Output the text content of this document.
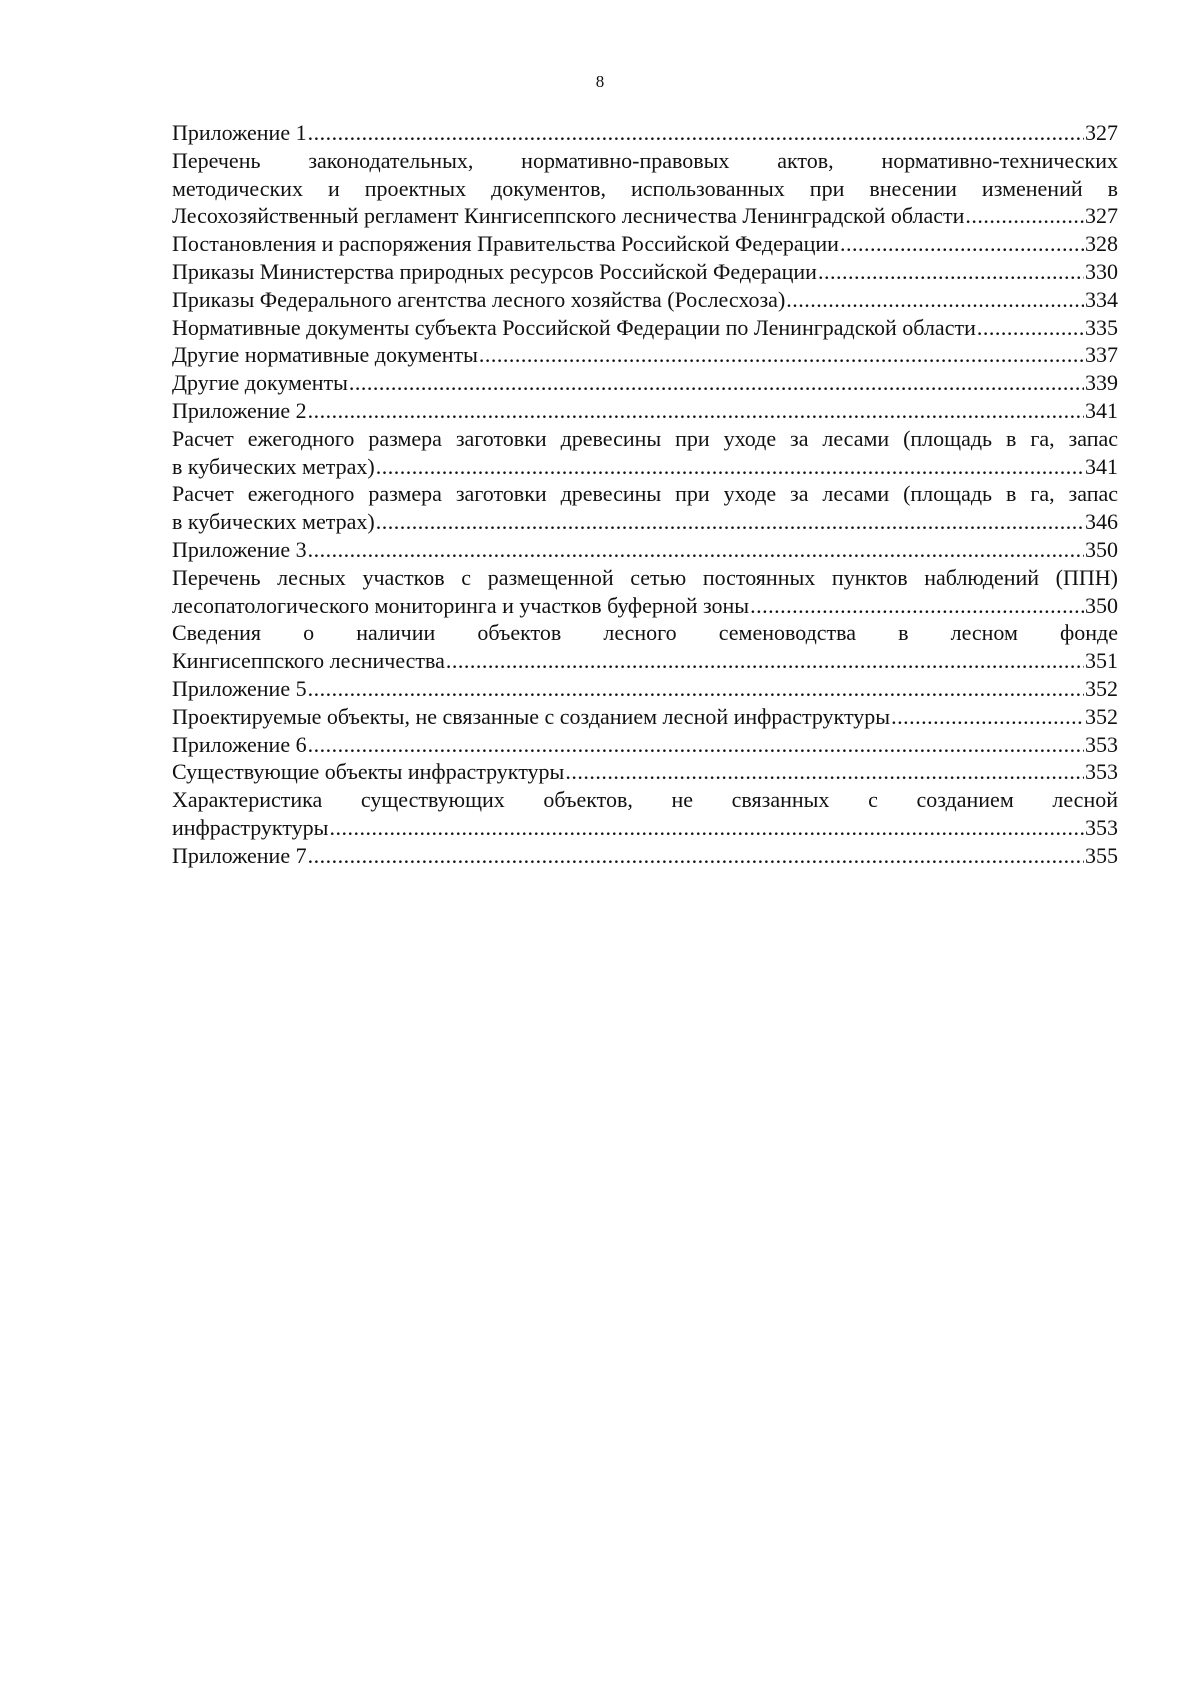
8
Приложение 1 .....	327
Перечень законодательных, нормативно-правовых актов, нормативно-технических
методических и проектных документов, использованных при внесении изменений в
Лесохозяйственный регламент Кингисеппского лесничества Ленинградской области .....	327
Постановления и распоряжения Правительства Российской Федерации .....	328
Приказы Министерства природных ресурсов Российской Федерации .....	330
Приказы Федерального агентства лесного хозяйства (Рослесхоза) .....	334
Нормативные документы субъекта Российской Федерации по Ленинградской области .....	335
Другие нормативные документы .....	337
Другие документы .....	339
Приложение 2 .....	341
Расчет ежегодного размера заготовки древесины при уходе за лесами (площадь в га, запас
в кубических метрах) .....	341
Расчет ежегодного размера заготовки древесины при уходе за лесами (площадь в га, запас
в кубических метрах) .....	346
Приложение 3 .....	350
Перечень лесных участков с размещенной сетью постоянных пунктов наблюдений (ППН)
лесопатологического мониторинга и участков буферной зоны .....	350
Сведения о наличии объектов лесного семеноводства в лесном фонде
Кингисеппского лесничества .....	351
Приложение 5 .....	352
Проектируемые объекты, не связанные с созданием лесной инфраструктуры .....	352
Приложение 6 .....	353
Существующие объекты инфраструктуры .....	353
Характеристика существующих объектов, не связанных с созданием лесной
инфраструктуры .....	353
Приложение 7 .....	355
